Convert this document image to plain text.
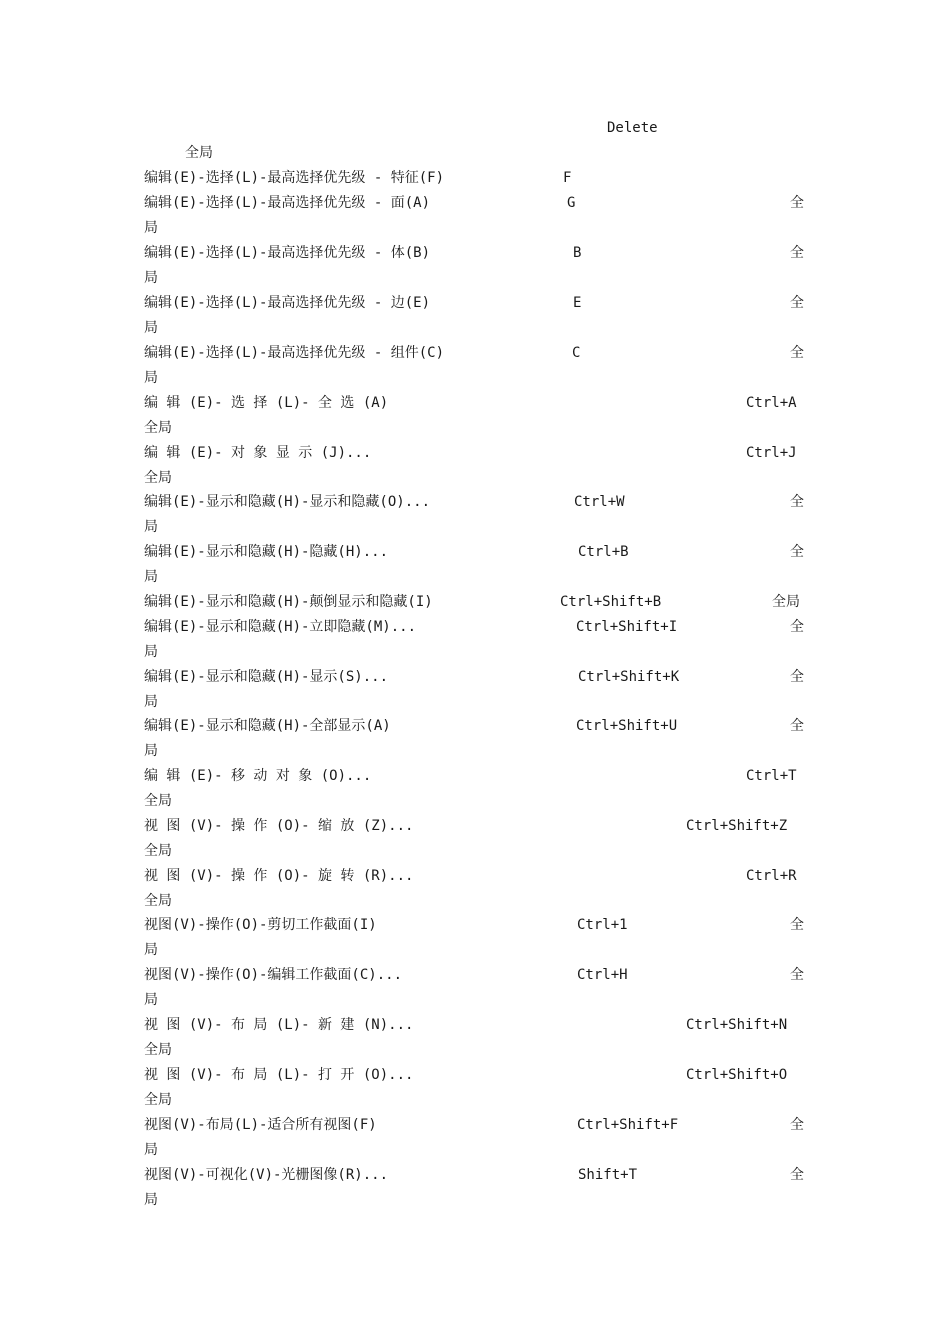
Delete
全局
编辑(E)-选择(L)-最高选择优先级 - 特征(F)	F
编辑(E)-选择(L)-最高选择优先级 - 面(A)	G	全
局
编辑(E)-选择(L)-最高选择优先级 - 体(B)	B	全
局
编辑(E)-选择(L)-最高选择优先级 - 边(E)	E	全
局
编辑(E)-选择(L)-最高选择优先级 - 组件(C)	C	全
局
编 辑 (E)- 选 择 (L)- 全 选 (A)	Ctrl+A
全局
编 辑 (E)- 对 象 显 示 (J)...	Ctrl+J
全局
编辑(E)-显示和隐藏(H)-显示和隐藏(O)...	Ctrl+W	全
局
编辑(E)-显示和隐藏(H)-隐藏(H)...	Ctrl+B	全
局
编辑(E)-显示和隐藏(H)-颠倒显示和隐藏(I)	Ctrl+Shift+B	全局
编辑(E)-显示和隐藏(H)-立即隐藏(M)...	Ctrl+Shift+I	全
局
编辑(E)-显示和隐藏(H)-显示(S)...	Ctrl+Shift+K	全
局
编辑(E)-显示和隐藏(H)-全部显示(A)	Ctrl+Shift+U	全
局
编 辑 (E)- 移 动 对 象 (O)...	Ctrl+T
全局
视 图 (V)- 操 作 (O)- 缩 放 (Z)...	Ctrl+Shift+Z
全局
视 图 (V)- 操 作 (O)- 旋 转 (R)...	Ctrl+R
全局
视图(V)-操作(O)-剪切工作截面(I)	Ctrl+1	全
局
视图(V)-操作(O)-编辑工作截面(C)...	Ctrl+H	全
局
视 图 (V)- 布 局 (L)- 新 建 (N)...	Ctrl+Shift+N
全局
视 图 (V)- 布 局 (L)- 打 开 (O)...	Ctrl+Shift+O
全局
视图(V)-布局(L)-适合所有视图(F)	Ctrl+Shift+F	全
局
视图(V)-可视化(V)-光栅图像(R)...	Shift+T	全
局
